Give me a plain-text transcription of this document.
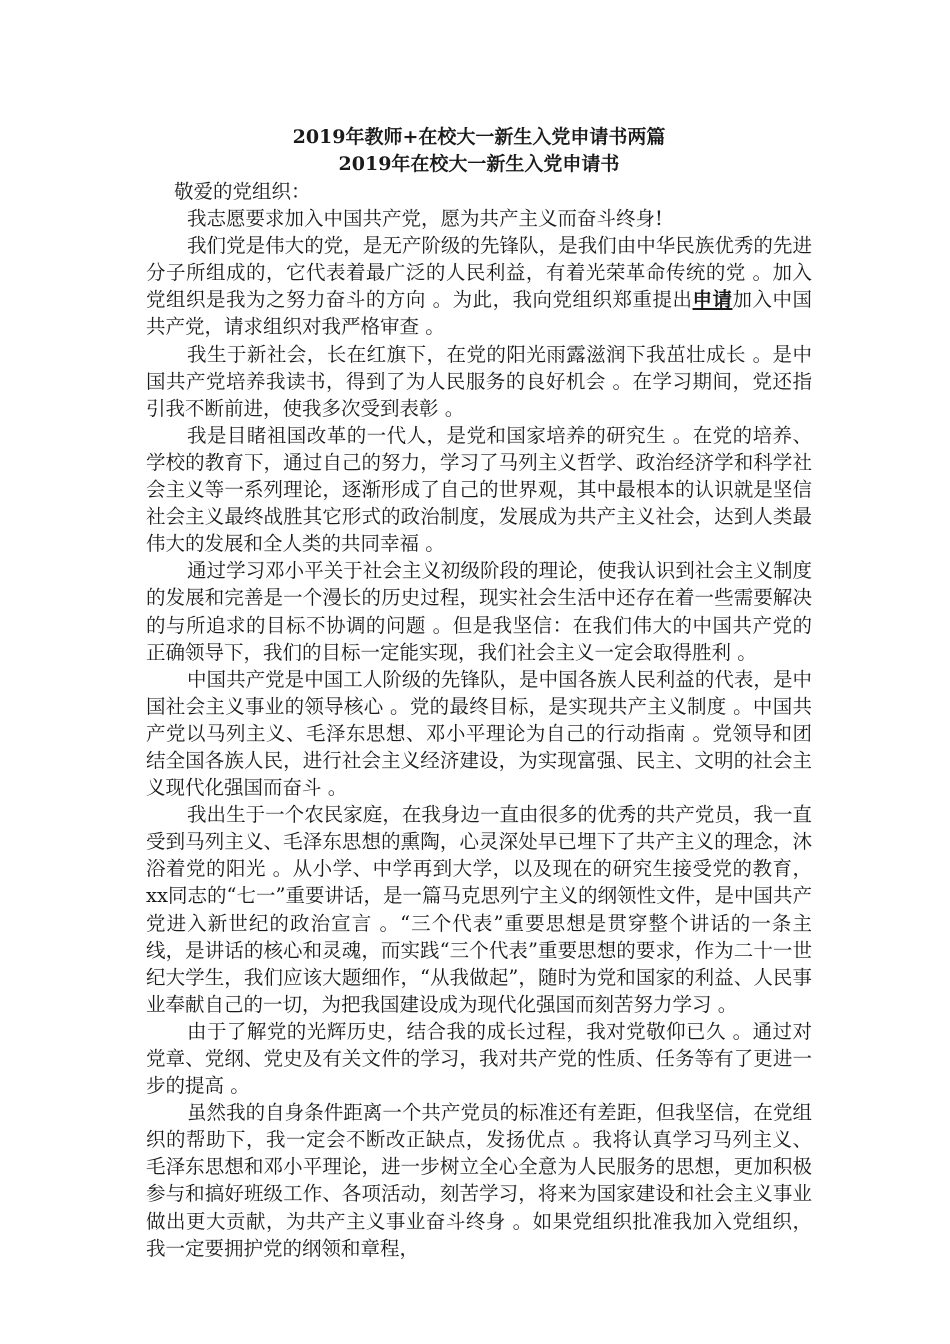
2019年教师+在校大一新生入党申请书两篇

2019年在校大一新生入党申请书

敬爱的党组织：

我志愿要求加入中国共产党，愿为共产主义而奋斗终身!

我们党是伟大的党，是无产阶级的先锋队，是我们由中华民族优秀的先进分子所组成的，它代表着最广泛的人民利益，有着光荣革命传统的党 。加入党组织是我为之努力奋斗的方向 。为此，我向党组织郑重提出申请加入中国共产党，请求组织对我严格审查 。

我生于新社会，长在红旗下，在党的阳光雨露滋润下我茁壮成长 。是中国共产党培养我读书，得到了为人民服务的良好机会 。在学习期间，党还指引我不断前进，使我多次受到表彰 。

我是目睹祖国改革的一代人，是党和国家培养的研究生 。在党的培养、学校的教育下，通过自己的努力，学习了马列主义哲学、政治经济学和科学社会主义等一系列理论，逐渐形成了自己的世界观，其中最根本的认识就是坚信社会主义最终战胜其它形式的政治制度，发展成为共产主义社会，达到人类最伟大的发展和全人类的共同幸福 。

通过学习邓小平关于社会主义初级阶段的理论，使我认识到社会主义制度的发展和完善是一个漫长的历史过程，现实社会生活中还存在着一些需要解决的与所追求的目标不协调的问题 。但是我坚信：在我们伟大的中国共产党的正确领导下，我们的目标一定能实现，我们社会主义一定会取得胜利 。

中国共产党是中国工人阶级的先锋队，是中国各族人民利益的代表，是中国社会主义事业的领导核心 。党的最终目标，是实现共产主义制度 。中国共产党以马列主义、毛泽东思想、邓小平理论为自己的行动指南 。党领导和团结全国各族人民，进行社会主义经济建设，为实现富强、民主、文明的社会主义现代化强国而奋斗 。

我出生于一个农民家庭，在我身边一直由很多的优秀的共产党员，我一直受到马列主义、毛泽东思想的熏陶，心灵深处早已埋下了共产主义的理念，沐浴着党的阳光 。从小学、中学再到大学，以及现在的研究生接受党的教育，xx同志的“七一”重要讲话，是一篇马克思列宁主义的纲领性文件，是中国共产党进入新世纪的政治宣言 。“三个代表”重要思想是贯穿整个讲话的一条主线，是讲话的核心和灵魂，而实践“三个代表”重要思想的要求，作为二十一世纪大学生，我们应该大题细作，“从我做起”，随时为党和国家的利益、人民事业奉献自己的一切，为把我国建设成为现代化强国而刻苦努力学习 。

由于了解党的光辉历史，结合我的成长过程，我对党敬仰已久 。通过对党章、党纲、党史及有关文件的学习，我对共产党的性质、任务等有了更进一步的提高 。

虽然我的自身条件距离一个共产党员的标准还有差距，但我坚信，在党组织的帮助下，我一定会不断改正缺点，发扬优点 。我将认真学习马列主义、毛泽东思想和邓小平理论，进一步树立全心全意为人民服务的思想，更加积极参与和搞好班级工作、各项活动，刻苦学习，将来为国家建设和社会主义事业做出更大贡献，为共产主义事业奋斗终身 。如果党组织批准我加入党组织，我一定要拥护党的纲领和章程，
